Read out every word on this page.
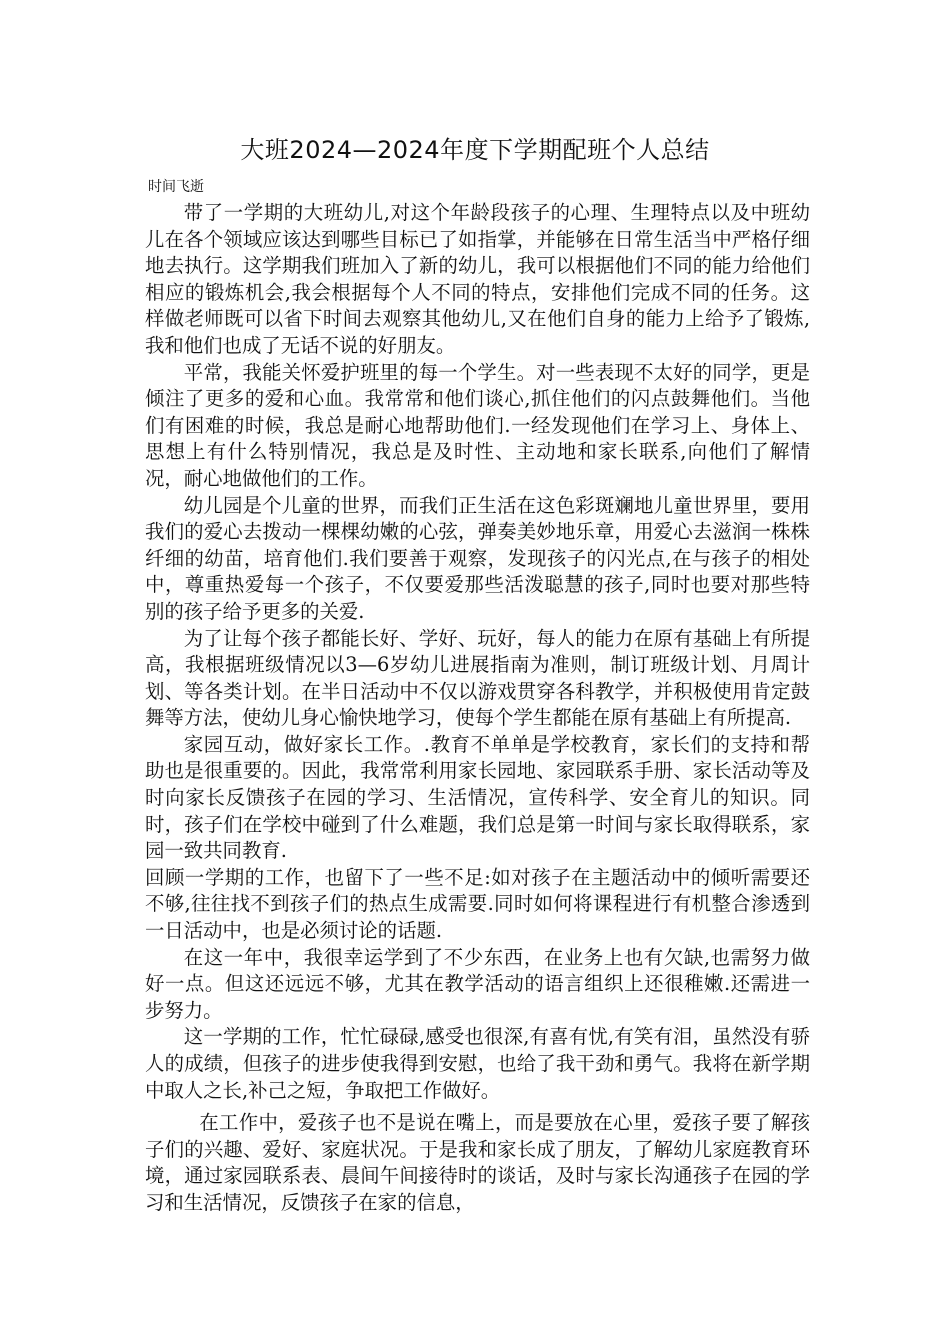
大班2024—2024年度下学期配班个人总结
时间飞逝

带了一学期的大班幼儿,对这个年龄段孩子的心理、生理特点以及中班幼儿在各个领域应该达到哪些目标已了如指掌，并能够在日常生活当中严格仔细地去执行。这学期我们班加入了新的幼儿，我可以根据他们不同的能力给他们相应的锻炼机会,我会根据每个人不同的特点，安排他们完成不同的任务。这样做老师既可以省下时间去观察其他幼儿,又在他们自身的能力上给予了锻炼,我和他们也成了无话不说的好朋友。

平常，我能关怀爱护班里的每一个学生。对一些表现不太好的同学，更是倾注了更多的爱和心血。我常常和他们谈心,抓住他们的闪点鼓舞他们。当他们有困难的时候，我总是耐心地帮助他们.一经发现他们在学习上、身体上、思想上有什么特别情况，我总是及时性、主动地和家长联系,向他们了解情况，耐心地做他们的工作。

幼儿园是个儿童的世界，而我们正生活在这色彩斑斓地儿童世界里，要用我们的爱心去拨动一棵棵幼嫩的心弦，弹奏美妙地乐章，用爱心去滋润一株株纤细的幼苗，培育他们.我们要善于观察，发现孩子的闪光点,在与孩子的相处中，尊重热爱每一个孩子，不仅要爱那些活泼聪慧的孩子,同时也要对那些特别的孩子给予更多的关爱.

为了让每个孩子都能长好、学好、玩好，每人的能力在原有基础上有所提高，我根据班级情况以3—6岁幼儿进展指南为准则，制订班级计划、月周计划、等各类计划。在半日活动中不仅以游戏贯穿各科教学，并积极使用肯定鼓舞等方法，使幼儿身心愉快地学习，使每个学生都能在原有基础上有所提高.

家园互动，做好家长工作。.教育不单单是学校教育，家长们的支持和帮助也是很重要的。因此，我常常利用家长园地、家园联系手册、家长活动等及时向家长反馈孩子在园的学习、生活情况，宣传科学、安全育儿的知识。同时，孩子们在学校中碰到了什么难题，我们总是第一时间与家长取得联系，家园一致共同教育.

回顾一学期的工作，也留下了一些不足:如对孩子在主题活动中的倾听需要还不够,往往找不到孩子们的热点生成需要.同时如何将课程进行有机整合渗透到一日活动中，也是必须讨论的话题.

在这一年中，我很幸运学到了不少东西，在业务上也有欠缺,也需努力做好一点。但这还远远不够，尤其在教学活动的语言组织上还很稚嫩.还需进一步努力。

这一学期的工作，忙忙碌碌,感受也很深,有喜有忧,有笑有泪，虽然没有骄人的成绩，但孩子的进步使我得到安慰，也给了我干劲和勇气。我将在新学期中取人之长,补己之短，争取把工作做好。

在工作中，爱孩子也不是说在嘴上，而是要放在心里，爱孩子要了解孩子们的兴趣、爱好、家庭状况。于是我和家长成了朋友，了解幼儿家庭教育环境，通过家园联系表、晨间午间接待时的谈话，及时与家长沟通孩子在园的学习和生活情况，反馈孩子在家的信息，
